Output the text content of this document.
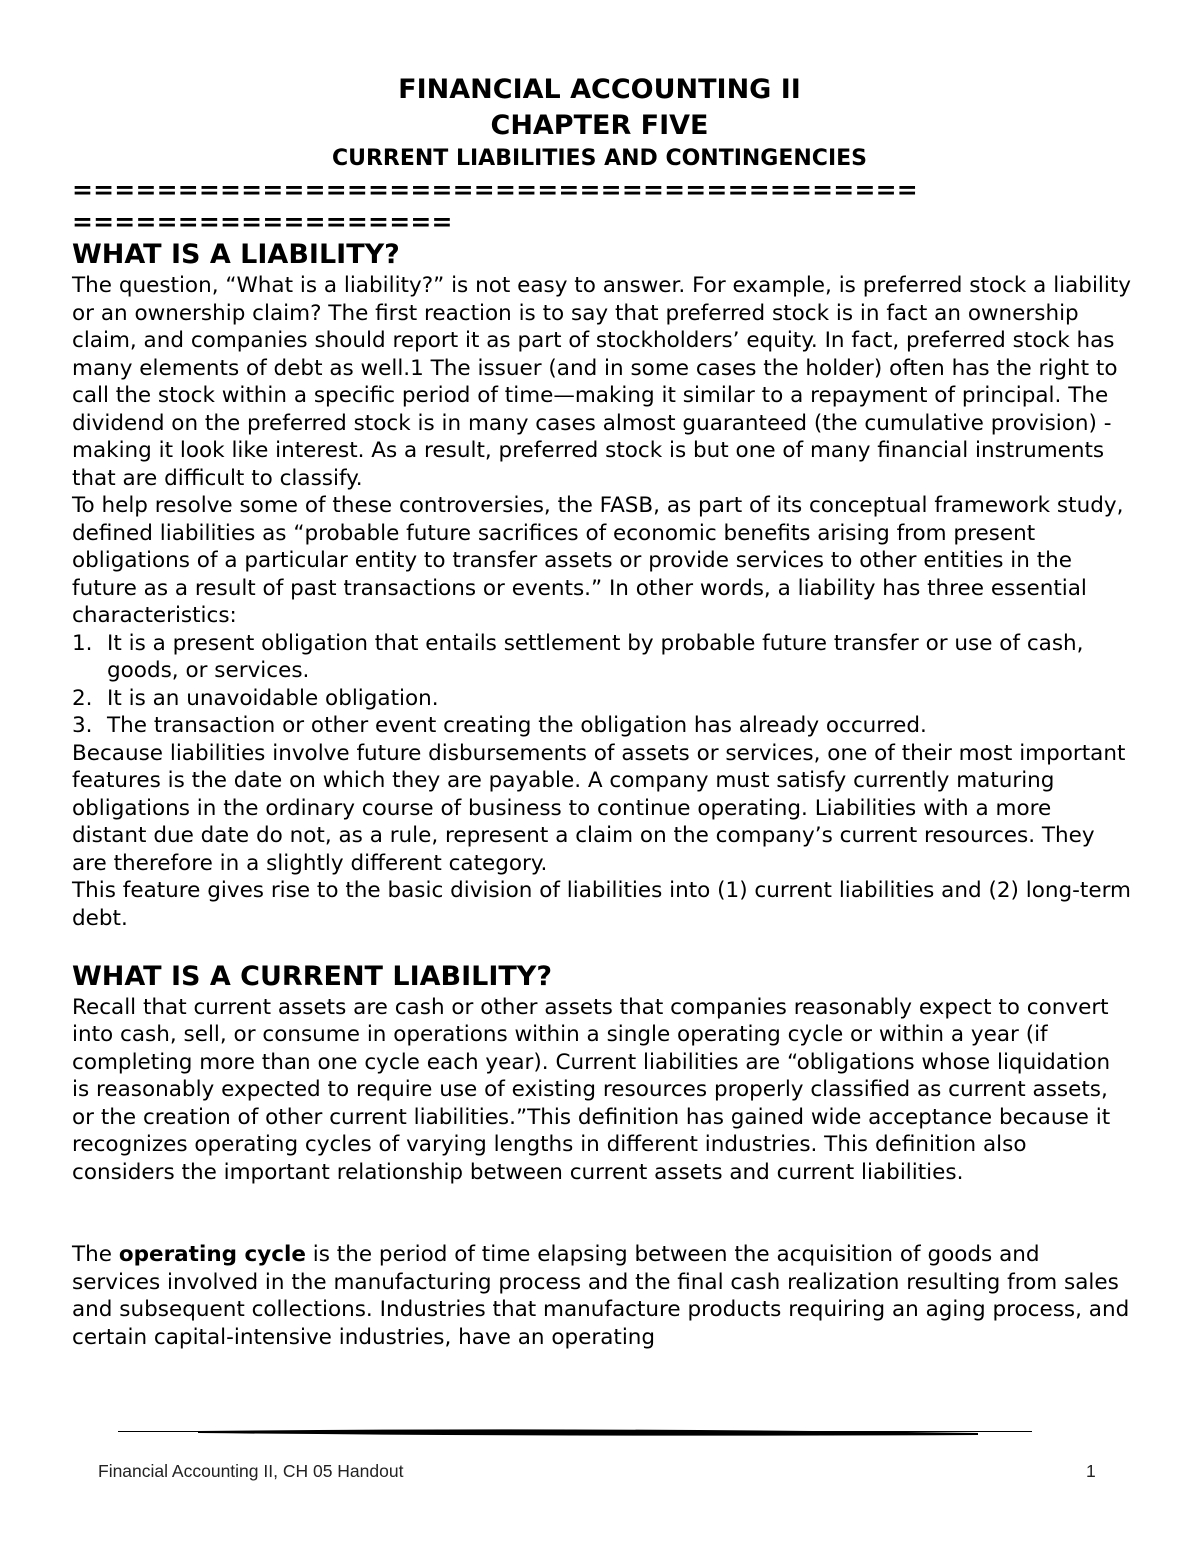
FINANCIAL ACCOUNTING II
CHAPTER FIVE
CURRENT LIABILITIES AND CONTINGENCIES
========================================
==================
WHAT IS A LIABILITY?

The question, “What is a liability?” is not easy to answer. For example, is preferred stock a liability or an ownership claim? The first reaction is to say that preferred stock is in fact an ownership claim, and companies should report it as part of stockholders’ equity. In fact, preferred stock has many elements of debt as well.1 The issuer (and in some cases the holder) often has the right to call the stock within a specific period of time—making it similar to a repayment of principal. The dividend on the preferred stock is in many cases almost guaranteed (the cumulative provision) - making it look like interest. As a result, preferred stock is but one of many financial instruments that are difficult to classify.

To help resolve some of these controversies, the FASB, as part of its conceptual framework study, defined liabilities as “probable future sacrifices of economic benefits arising from present obligations of a particular entity to transfer assets or provide services to other entities in the future as a result of past transactions or events.” In other words, a liability has three essential characteristics:

1. It is a present obligation that entails settlement by probable future transfer or use of cash, goods, or services.
2. It is an unavoidable obligation.
3. The transaction or other event creating the obligation has already occurred.

Because liabilities involve future disbursements of assets or services, one of their most important features is the date on which they are payable. A company must satisfy currently maturing obligations in the ordinary course of business to continue operating. Liabilities with a more distant due date do not, as a rule, represent a claim on the company’s current resources. They are therefore in a slightly different category.

This feature gives rise to the basic division of liabilities into (1) current liabilities and (2) long-term debt.

WHAT IS A CURRENT LIABILITY?

Recall that current assets are cash or other assets that companies reasonably expect to convert into cash, sell, or consume in operations within a single operating cycle or within a year (if completing more than one cycle each year). Current liabilities are “obligations whose liquidation is reasonably expected to require use of existing resources properly classified as current assets, or the creation of other current liabilities.”This definition has gained wide acceptance because it recognizes operating cycles of varying lengths in different industries. This definition also considers the important relationship between current assets and current liabilities.

The operating cycle is the period of time elapsing between the acquisition of goods and services involved in the manufacturing process and the final cash realization resulting from sales and subsequent collections. Industries that manufacture products requiring an aging process, and certain capital-intensive industries, have an operating

Financial Accounting II, CH 05 Handout	1
